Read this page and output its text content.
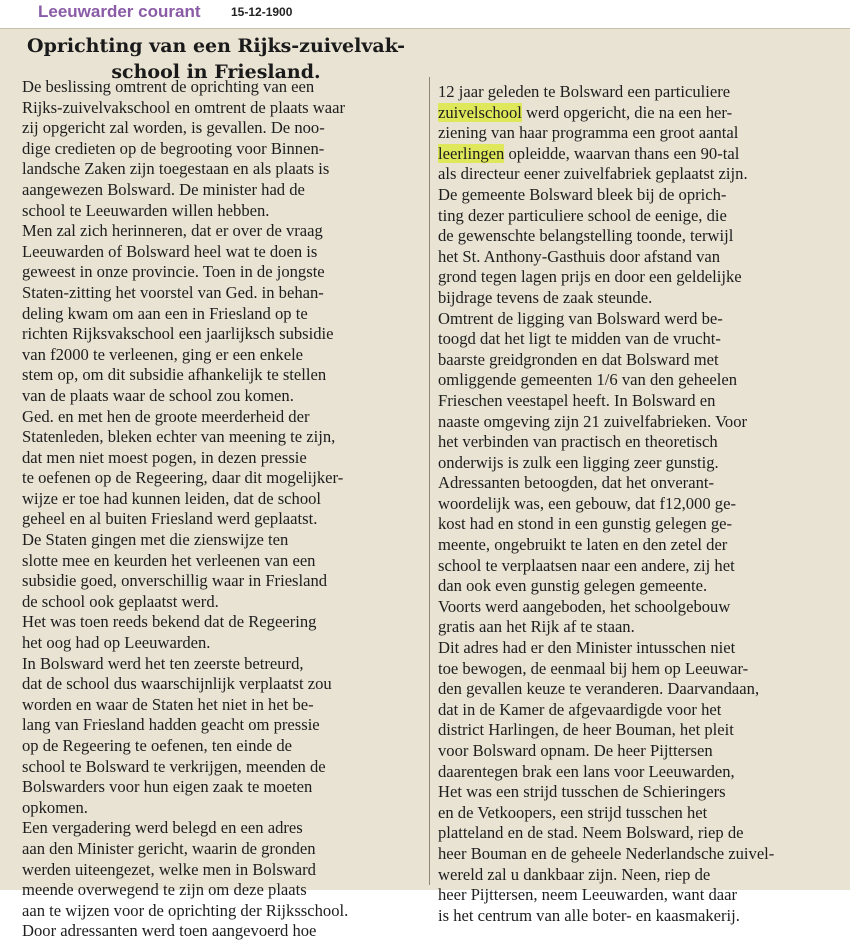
Leeuwarder courant	15-12-1900
Oprichting van een Rijks-zuivelvak-
school in Friesland.
De beslissing omtrent de oprichting van een
Rijks-zuivelvakschool en omtrent de plaats waar
zij opgericht zal worden, is gevallen. De noo-
dige credieten op de begrooting voor Binnen-
landsche Zaken zijn toegestaan en als plaats is
aangewezen Bolsward. De minister had de
school te Leeuwarden willen hebben.
Men zal zich herinneren, dat er over de vraag
Leeuwarden of Bolsward heel wat te doen is
geweest in onze provincie. Toen in de jongste
Staten-zitting het voorstel van Ged. in behan-
deling kwam om aan een in Friesland op te
richten Rijksvakschool een jaarlijksch subsidie
van f2000 te verleenen, ging er een enkele
stem op, om dit subsidie afhankelijk te stellen
van de plaats waar de school zou komen.
Ged. en met hen de groote meerderheid der
Statenleden, bleken echter van meening te zijn,
dat men niet moest pogen, in dezen pressie
te oefenen op de Regeering, daar dit mogelijker-
wijze er toe had kunnen leiden, dat de school
geheel en al buiten Friesland werd geplaatst.
De Staten gingen met die zienswijze ten
slotte mee en keurden het verleenen van een
subsidie goed, onverschillig waar in Friesland
de school ook geplaatst werd.
Het was toen reeds bekend dat de Regeering
het oog had op Leeuwarden.
In Bolsward werd het ten zeerste betreurd,
dat de school dus waarschijnlijk verplaatst zou
worden en waar de Staten het niet in het be-
lang van Friesland hadden geacht om pressie
op de Regeering te oefenen, ten einde de
school te Bolsward te verkrijgen, meenden de
Bolswarders voor hun eigen zaak te moeten
opkomen.
Een vergadering werd belegd en een adres
aan den Minister gericht, waarin de gronden
werden uiteengezet, welke men in Bolsward
meende overwegend te zijn om deze plaats
aan te wijzen voor de oprichting der Rijksschool.
Door adressanten werd toen aangevoerd hoe
12 jaar geleden te Bolsward een particuliere
zuivelschool werd opgericht, die na een her-
ziening van haar programma een groot aantal
leerlingen opleidde, waarvan thans een 90-tal
als directeur eener zuivelfabriek geplaatst zijn.
De gemeente Bolsward bleek bij de oprich-
ting dezer particuliere school de eenige, die
de gewenschte belangstelling toonde, terwijl
het St. Anthony-Gasthuis door afstand van
grond tegen lagen prijs en door een geldelijke
bijdrage tevens de zaak steunde.
Omtrent de ligging van Bolsward werd be-
toogd dat het ligt te midden van de vrucht-
baarste greidgronden en dat Bolsward met
omliggende gemeenten 1/6 van den geheelen
Frieschen veestapel heeft. In Bolsward en
naaste omgeving zijn 21 zuivelfabrieken. Voor
het verbinden van practisch en theoretisch
onderwijs is zulk een ligging zeer gunstig.
Adressanten betoogden, dat het onverant-
woordelijk was, een gebouw, dat f12,000 ge-
kost had en stond in een gunstig gelegen ge-
meente, ongebruikt te laten en den zetel der
school te verplaatsen naar een andere, zij het
dan ook even gunstig gelegen gemeente.
Voorts werd aangeboden, het schoolgebouw
gratis aan het Rijk af te staan.
Dit adres had er den Minister intusschen niet
toe bewogen, de eenmaal bij hem op Leeuwar-
den gevallen keuze te veranderen. Daarvandaan,
dat in de Kamer de afgevaardigde voor het
district Harlingen, de heer Bouman, het pleit
voor Bolsward opnam. De heer Pijttersen
daarentegen brak een lans voor Leeuwarden,
Het was een strijd tusschen de Schieringers
en de Vetkoopers, een strijd tusschen het
platteland en de stad. Neem Bolsward, riep de
heer Bouman en de geheele Nederlandsche zuivel-
wereld zal u dankbaar zijn. Neen, riep de
heer Pijttersen, neem Leeuwarden, want daar
is het centrum van alle boter- en kaasmakerij.
